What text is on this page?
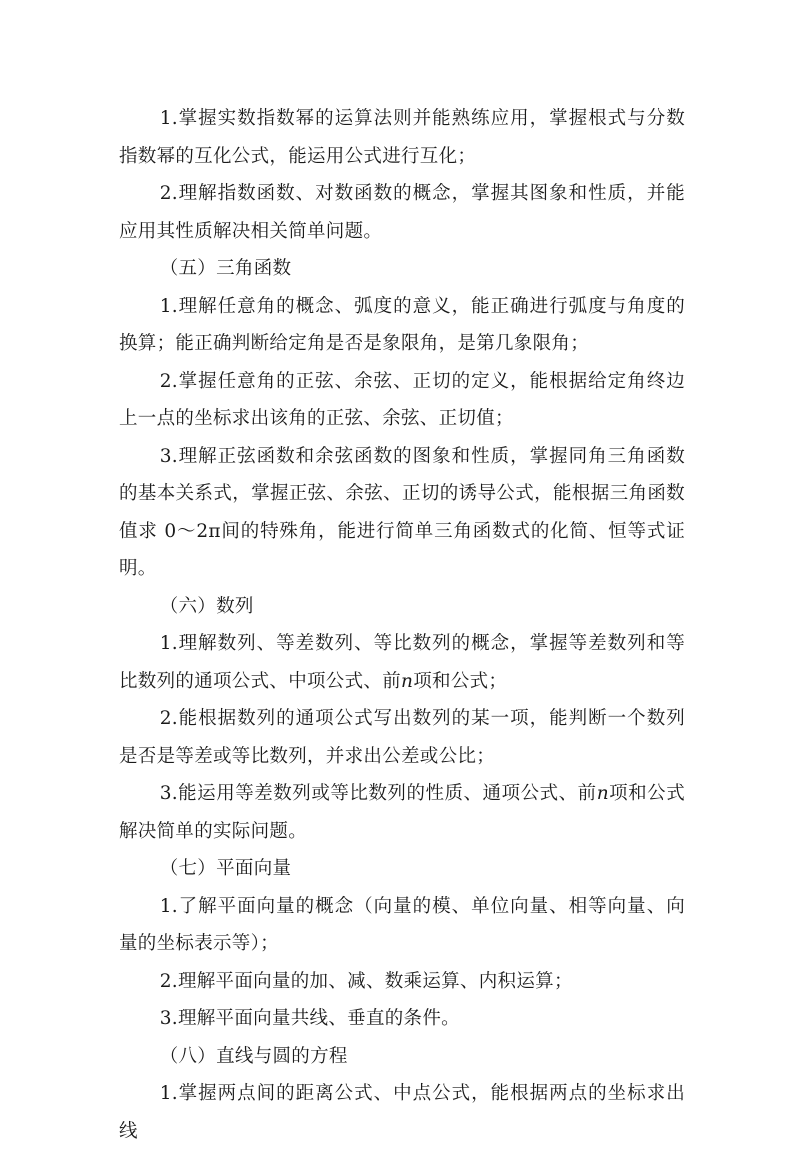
1.掌握实数指数幂的运算法则并能熟练应用，掌握根式与分数指数幂的互化公式，能运用公式进行互化；

2.理解指数函数、对数函数的概念，掌握其图象和性质，并能应用其性质解决相关简单问题。

（五）三角函数

1.理解任意角的概念、弧度的意义，能正确进行弧度与角度的换算；能正确判断给定角是否是象限角，是第几象限角；

2.掌握任意角的正弦、余弦、正切的定义，能根据给定角终边上一点的坐标求出该角的正弦、余弦、正切值；

3.理解正弦函数和余弦函数的图象和性质，掌握同角三角函数的基本关系式，掌握正弦、余弦、正切的诱导公式，能根据三角函数值求 0～2π间的特殊角，能进行简单三角函数式的化简、恒等式证明。

（六）数列

1.理解数列、等差数列、等比数列的概念，掌握等差数列和等比数列的通项公式、中项公式、前n项和公式；

2.能根据数列的通项公式写出数列的某一项，能判断一个数列是否是等差或等比数列，并求出公差或公比；

3.能运用等差数列或等比数列的性质、通项公式、前n项和公式解决简单的实际问题。

（七）平面向量

1.了解平面向量的概念（向量的模、单位向量、相等向量、向量的坐标表示等）；

2.理解平面向量的加、减、数乘运算、内积运算；

3.理解平面向量共线、垂直的条件。

（八）直线与圆的方程

1.掌握两点间的距离公式、中点公式，能根据两点的坐标求出线
